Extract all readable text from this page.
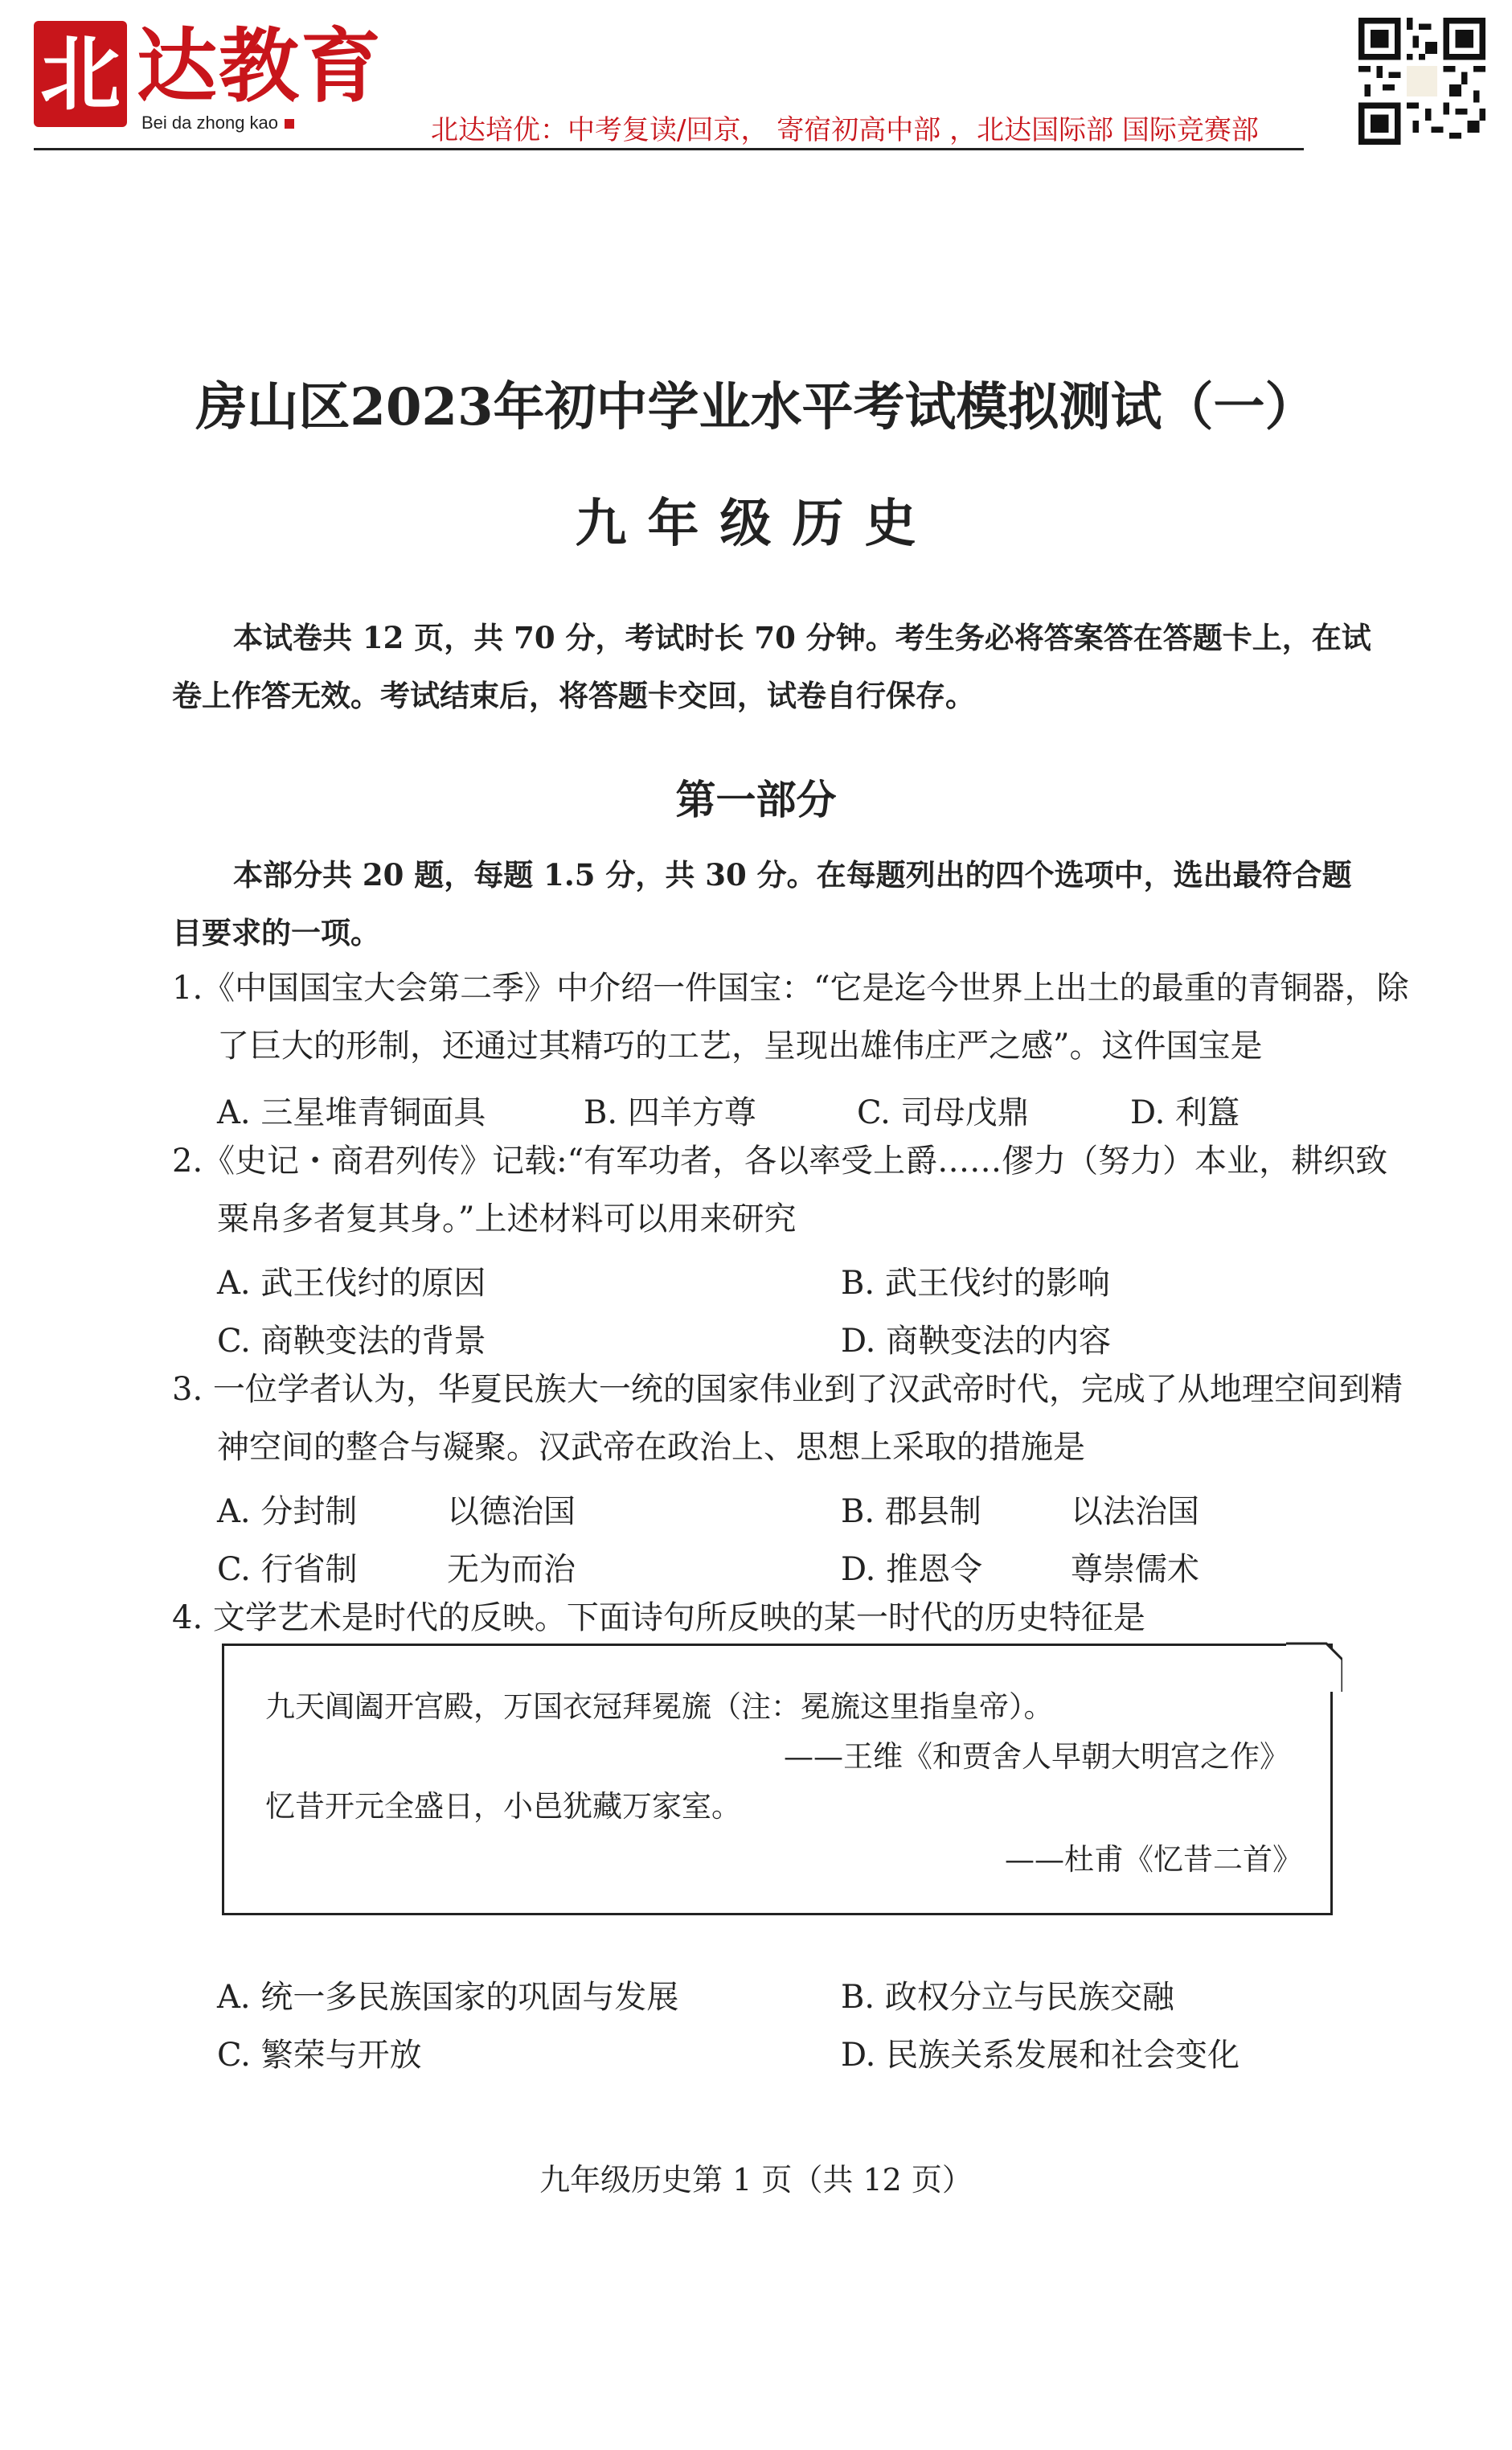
北 达教育
Bei da zhong kao	北达培优：中考复读/回京， 寄宿初高中部 ，北达国际部 国际竞赛部
房山区2023年初中学业水平考试模拟测试（一）
九年级历史
本试卷共 12 页，共 70 分，考试时长 70 分钟。考生务必将答案答在答题卡上，在试
卷上作答无效。考试结束后，将答题卡交回，试卷自行保存。
第一部分
本部分共 20 题，每题 1.5 分，共 30 分。在每题列出的四个选项中，选出最符合题
目要求的一项。
1.《中国国宝大会第二季》中介绍一件国宝：“它是迄今世界上出土的最重的青铜器，除
了巨大的形制，还通过其精巧的工艺，呈现出雄伟庄严之感”。这件国宝是
A. 三星堆青铜面具	B. 四羊方尊	C. 司母戊鼎	D. 利簋
2.《史记・商君列传》记载:“有军功者，各以率受上爵……僇力（努力）本业，耕织致
粟帛多者复其身。”上述材料可以用来研究
A. 武王伐纣的原因	B. 武王伐纣的影响
C. 商鞅变法的背景	D. 商鞅变法的内容
3. 一位学者认为，华夏民族大一统的国家伟业到了汉武帝时代，完成了从地理空间到精
神空间的整合与凝聚。汉武帝在政治上、思想上采取的措施是
A. 分封制	以德治国	B. 郡县制	以法治国
C. 行省制	无为而治	D. 推恩令	尊崇儒术
4. 文学艺术是时代的反映。下面诗句所反映的某一时代的历史特征是
九天阊阖开宫殿，万国衣冠拜冕旒（注：冕旒这里指皇帝）。
——王维《和贾舍人早朝大明宫之作》
忆昔开元全盛日，小邑犹藏万家室。
——杜甫《忆昔二首》
A. 统一多民族国家的巩固与发展	B. 政权分立与民族交融
C. 繁荣与开放	D. 民族关系发展和社会变化
九年级历史第 1 页（共 12 页）
